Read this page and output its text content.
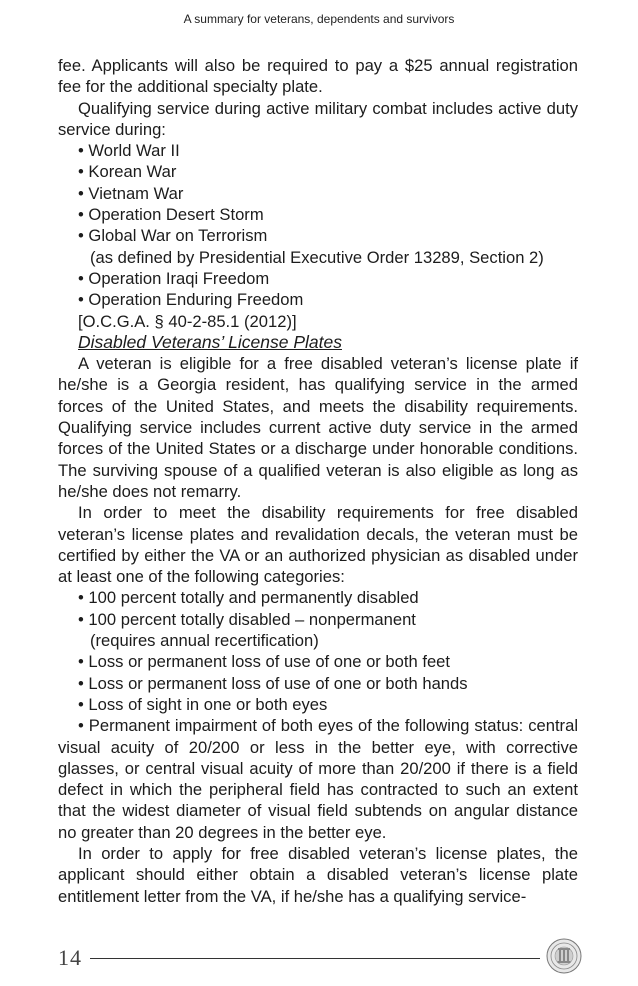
A summary for veterans, dependents and survivors

fee. Applicants will also be required to pay a $25 annual registration fee for the additional specialty plate.

Qualifying service during active military combat includes active duty service during:

• World War II
• Korean War
• Vietnam War
• Operation Desert Storm
• Global War on Terrorism
(as defined by Presidential Executive Order 13289, Section 2)
• Operation Iraqi Freedom
• Operation Enduring Freedom

[O.C.G.A. § 40-2-85.1 (2012)]

Disabled Veterans’ License Plates

A veteran is eligible for a free disabled veteran’s license plate if he/she is a Georgia resident, has qualifying service in the armed forces of the United States, and meets the disability requirements. Qualifying service includes current active duty service in the armed forces of the United States or a discharge under honorable conditions. The surviving spouse of a qualified veteran is also eligible as long as he/she does not remarry.

In order to meet the disability requirements for free disabled veteran’s license plates and revalidation decals, the veteran must be certified by either the VA or an authorized physician as disabled under at least one of the following categories:

• 100 percent totally and permanently disabled
• 100 percent totally disabled – nonpermanent
(requires annual recertification)
• Loss or permanent loss of use of one or both feet
• Loss or permanent loss of use of one or both hands
• Loss of sight in one or both eyes

• Permanent impairment of both eyes of the following status: central visual acuity of 20/200 or less in the better eye, with corrective glasses, or central visual acuity of more than 20/200 if there is a field defect in which the peripheral field has contracted to such an extent that the widest diameter of visual field subtends on angular distance no greater than 20 degrees in the better eye.

In order to apply for free disabled veteran’s license plates, the applicant should either obtain a disabled veteran’s license plate entitlement letter from the VA, if he/she has a qualifying service-

14
